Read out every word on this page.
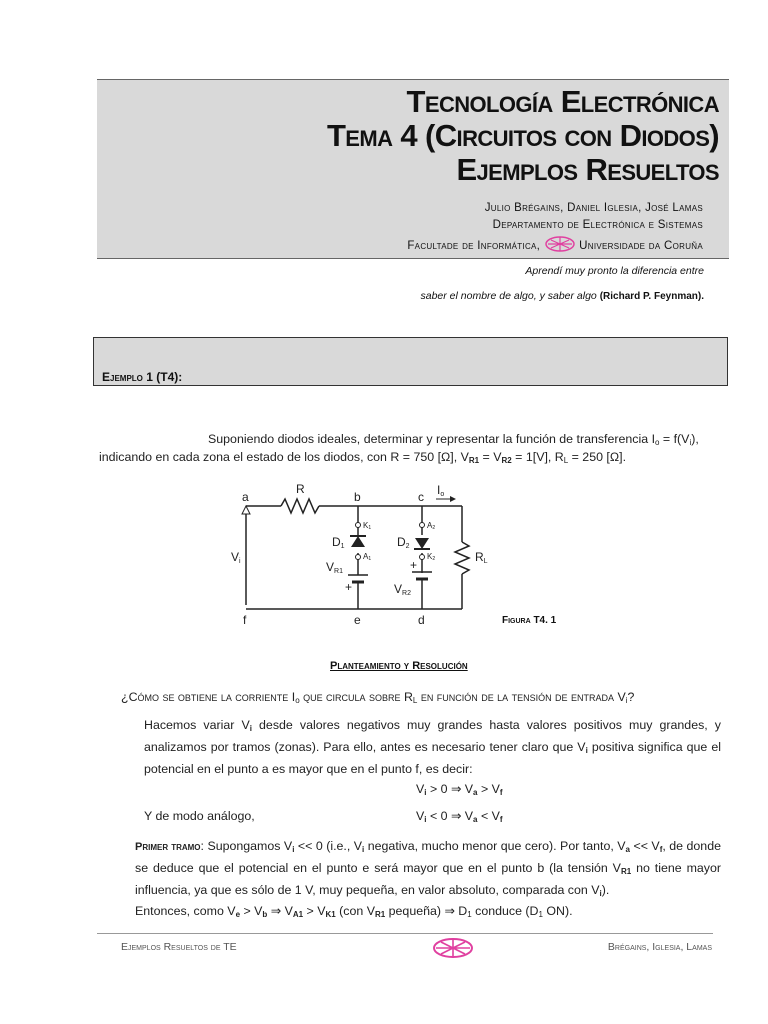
Tecnología Electrónica
Tema 4 (Circuitos con Diodos)
Ejemplos Resueltos
Julio Brégains, Daniel Iglesia, José Lamas
Departamento de Electrónica e Sistemas
Facultade de Informática,	Universidade da Coruña
Aprendí muy pronto la diferencia entre
saber el nombre de algo, y saber algo (Richard P. Feynman).
Ejemplo 1 (T4):
Suponiendo diodos ideales, determinar y representar la función de transferencia $I_o = f(V_i)$,
indicando en cada zona el estado de los diodos, con R = 750 [Ω], VR1 = VR2 = 1[V], $R_L = 250$ [Ω].
a	b	c
f	e	d
R	Io
Vi
D1	D2
VR1
VR2
+
+
RL
K1
A1
A2
K2
Figura T4. 1
Planteamiento y Resolución
¿Cómo se obtiene la corriente $I_o$ que circula sobre $R_L$ en función de la tensión de entrada $V_i$?
Hacemos variar Vi desde valores negativos muy grandes hasta valores positivos muy grandes, y analizamos por tramos (zonas). Para ello, antes es necesario tener claro que Vi positiva significa que el potencial en el punto a es mayor que en el punto f, es decir:
Vi > 0 ⇒ Va > Vf
Y de modo análogo,	Vi < 0 ⇒ Va < Vf
Primer tramo: Supongamos Vi << 0 (i.e., Vi negativa, mucho menor que cero). Por tanto, Va << Vf, de donde se deduce que el potencial en el punto e será mayor que en el punto b (la tensión VR1 no tiene mayor influencia, ya que es sólo de 1 V, muy pequeña, en valor absoluto, comparada con Vi).
Entonces, como Ve > Vb ⇒ VA1 > VK1 (con VR1 pequeña) ⇒ $D_1$ conduce ($D_1$ ON).
Ejemplos Resueltos de TE	Brégains, Iglesia, Lamas
